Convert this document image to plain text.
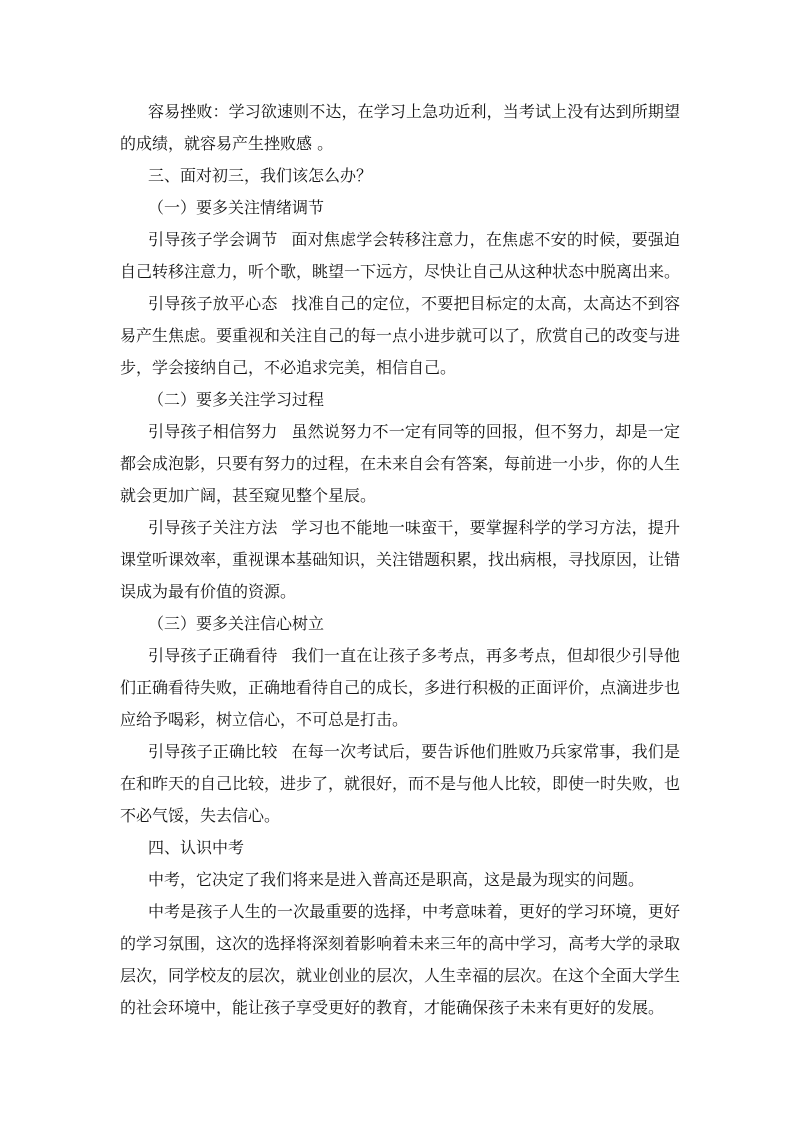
容易挫败：学习欲速则不达，在学习上急功近利，当考试上没有达到所期望的成绩，就容易产生挫败感 。

三、面对初三，我们该怎么办？

（一）要多关注情绪调节

引导孩子学会调节 面对焦虑学会转移注意力，在焦虑不安的时候，要强迫自己转移注意力，听个歌，眺望一下远方，尽快让自己从这种状态中脱离出来。

引导孩子放平心态 找准自己的定位，不要把目标定的太高，太高达不到容易产生焦虑。要重视和关注自己的每一点小进步就可以了，欣赏自己的改变与进步，学会接纳自己，不必追求完美，相信自己。

（二）要多关注学习过程

引导孩子相信努力 虽然说努力不一定有同等的回报，但不努力，却是一定都会成泡影，只要有努力的过程，在未来自会有答案，每前进一小步，你的人生就会更加广阔，甚至窥见整个星辰。

引导孩子关注方法 学习也不能地一味蛮干，要掌握科学的学习方法，提升课堂听课效率，重视课本基础知识，关注错题积累，找出病根，寻找原因，让错误成为最有价值的资源。

（三）要多关注信心树立

引导孩子正确看待 我们一直在让孩子多考点，再多考点，但却很少引导他们正确看待失败，正确地看待自己的成长，多进行积极的正面评价，点滴进步也应给予喝彩，树立信心，不可总是打击。

引导孩子正确比较 在每一次考试后，要告诉他们胜败乃兵家常事，我们是在和昨天的自己比较，进步了，就很好，而不是与他人比较，即使一时失败，也不必气馁，失去信心。

四、认识中考

中考，它决定了我们将来是进入普高还是职高，这是最为现实的问题。

中考是孩子人生的一次最重要的选择，中考意味着，更好的学习环境，更好的学习氛围，这次的选择将深刻着影响着未来三年的高中学习，高考大学的录取层次，同学校友的层次，就业创业的层次，人生幸福的层次。在这个全面大学生的社会环境中，能让孩子享受更好的教育，才能确保孩子未来有更好的发展。
